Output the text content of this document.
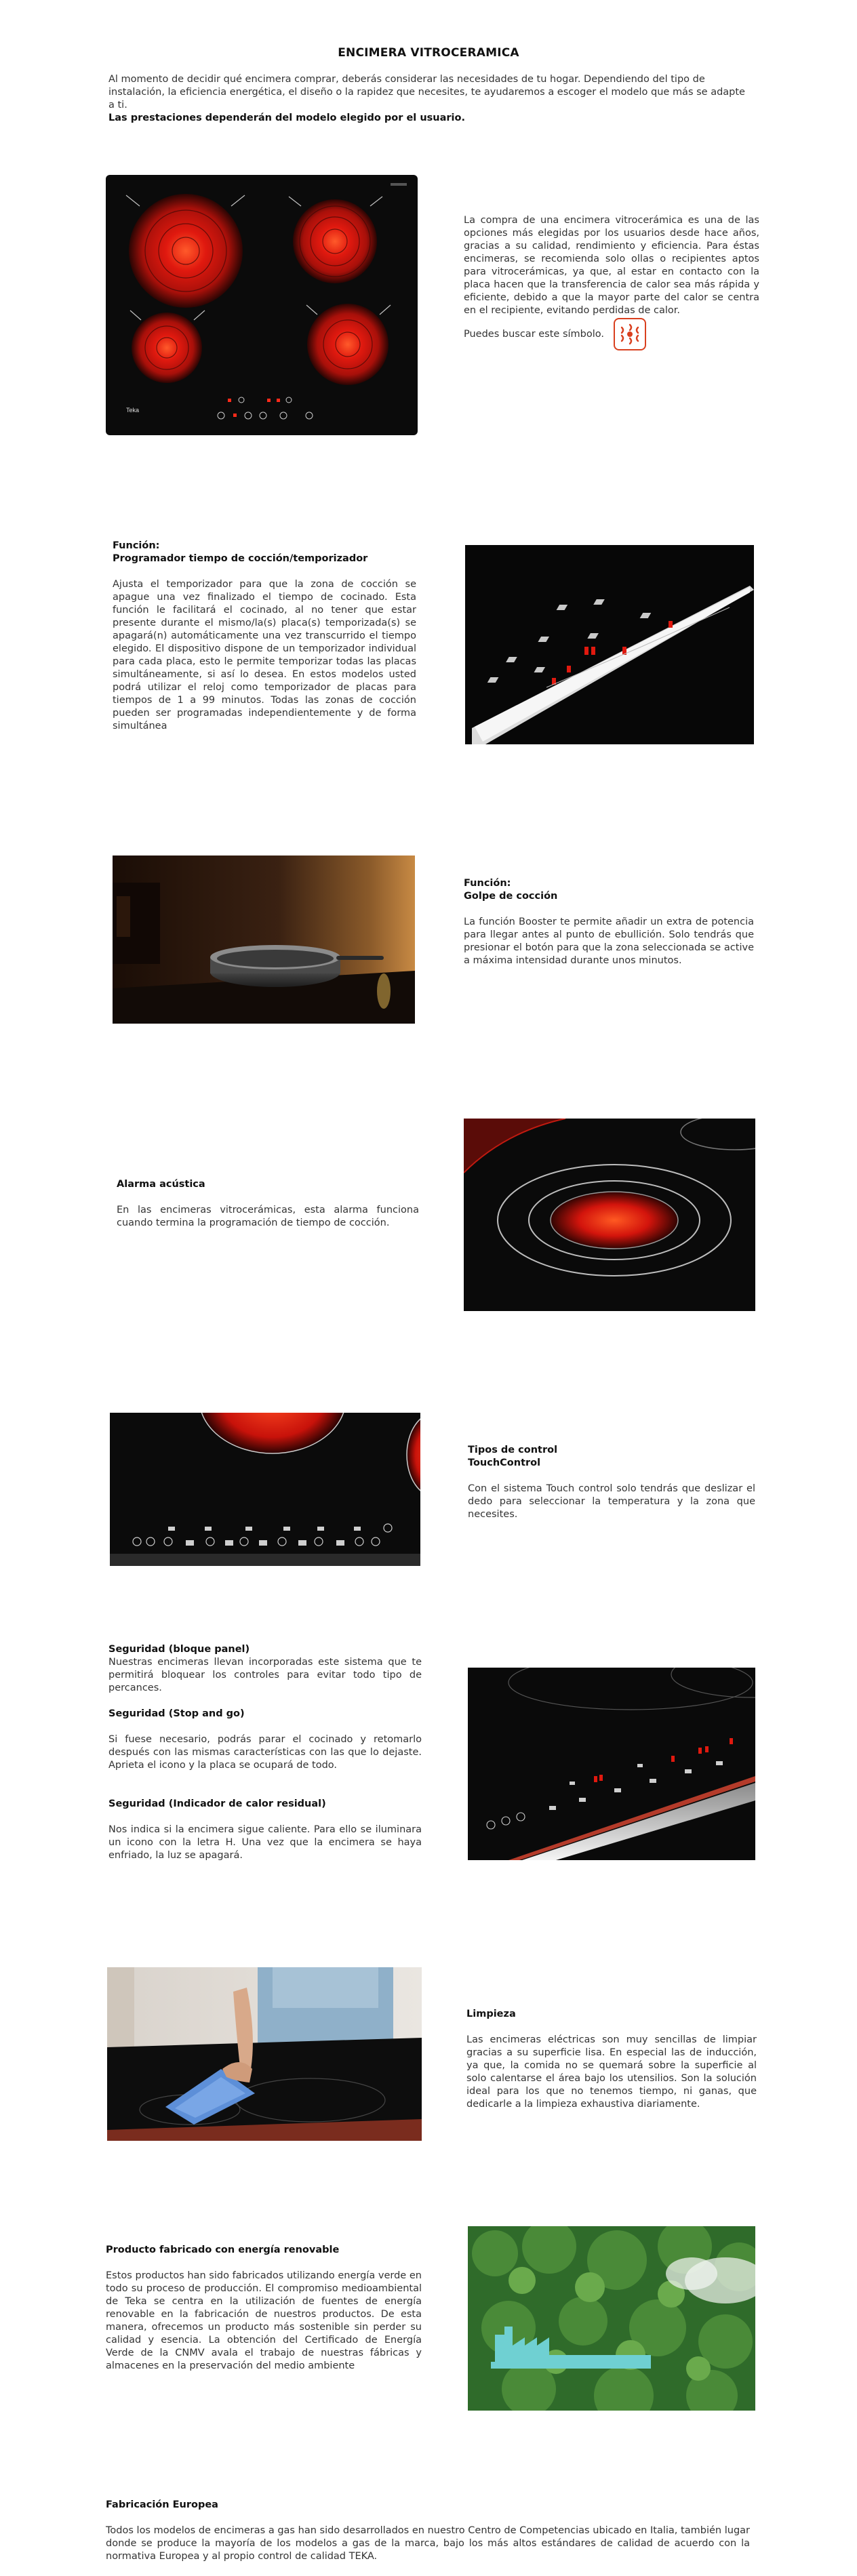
ENCIMERA VITROCERAMICA
Al momento de decidir qué encimera comprar, deberás considerar las necesidades de tu hogar. Dependiendo del tipo de instalación, la eficiencia energética, el diseño o la rapidez que necesites, te ayudaremos a escoger el modelo que más se adapte a ti.
Las prestaciones dependerán del modelo elegido por el usuario.
Teka
La compra de una encimera vitrocerámica es una de las opciones más elegidas por los usuarios desde hace años, gracias a su calidad, rendimiento y eficiencia. Para éstas encimeras, se recomienda solo ollas o recipientes aptos para vitrocerámicas, ya que, al estar en contacto con la placa hacen que la transferencia de calor sea más rápida y eficiente, debido a que la mayor parte del calor se centra en el recipiente, evitando perdidas de calor.
Puedes buscar este símbolo.
Función:
Programador tiempo de cocción/temporizador
Ajusta el temporizador para que la zona de cocción se apague una vez finalizado el tiempo de cocinado. Esta función le facilitará el cocinado, al no tener que estar presente durante el mismo/la(s) placa(s) temporizada(s) se apagará(n) automáticamente una vez transcurrido el tiempo elegido. El dispositivo dispone de un temporizador individual para cada placa, esto le permite temporizar todas las placas simultáneamente, si así lo desea. En estos modelos usted podrá utilizar el reloj como temporizador de placas para tiempos de 1 a 99 minutos. Todas las zonas de cocción pueden ser programadas independientemente y de forma simultánea
Función:
Golpe de cocción
La función Booster te permite añadir un extra de potencia para llegar antes al punto de ebullición. Solo tendrás que presionar el botón para que la zona seleccionada se active a máxima intensidad durante unos minutos.
Alarma acústica
En las encimeras vitrocerámicas, esta alarma funciona cuando termina la programación de tiempo de cocción.
Tipos de control
TouchControl
Con el sistema Touch control solo tendrás que deslizar el dedo para seleccionar la temperatura y la zona que necesites.
Seguridad (bloque panel)
Nuestras encimeras llevan incorporadas este sistema que te permitirá bloquear los controles para evitar todo tipo de percances.
Seguridad (Stop and go)
Si fuese necesario, podrás parar el cocinado y retomarlo después con las mismas características con las que lo dejaste. Aprieta el icono y la placa se ocupará de todo.
Seguridad (Indicador de calor residual)
Nos indica si la encimera sigue caliente. Para ello se iluminara un icono con la letra H. Una vez que la encimera se haya enfriado, la luz se apagará.
Limpieza
Las encimeras eléctricas son muy sencillas de limpiar gracias a su superficie lisa. En especial las de inducción, ya que, la comida no se quemará sobre la superficie al solo calentarse el área bajo los utensilios. Son la solución ideal para los que no tenemos tiempo, ni ganas, que dedicarle a la limpieza exhaustiva diariamente.
Producto fabricado con energía renovable
Estos productos han sido fabricados utilizando energía verde en todo su proceso de producción. El compromiso medioambiental de Teka se centra en la utilización de fuentes de energía renovable en la fabricación de nuestros productos. De esta manera, ofrecemos un producto más sostenible sin perder su calidad y esencia. La obtención del Certificado de Energía Verde de la CNMV avala el trabajo de nuestras fábricas y almacenes en la preservación del medio ambiente
Fabricación Europea
Todos los modelos de encimeras a gas han sido desarrollados en nuestro Centro de Competencias ubicado en Italia, también lugar donde se produce la mayoría de los modelos a gas de la marca, bajo los más altos estándares de calidad de acuerdo con la normativa Europea y al propio control de calidad TEKA.
